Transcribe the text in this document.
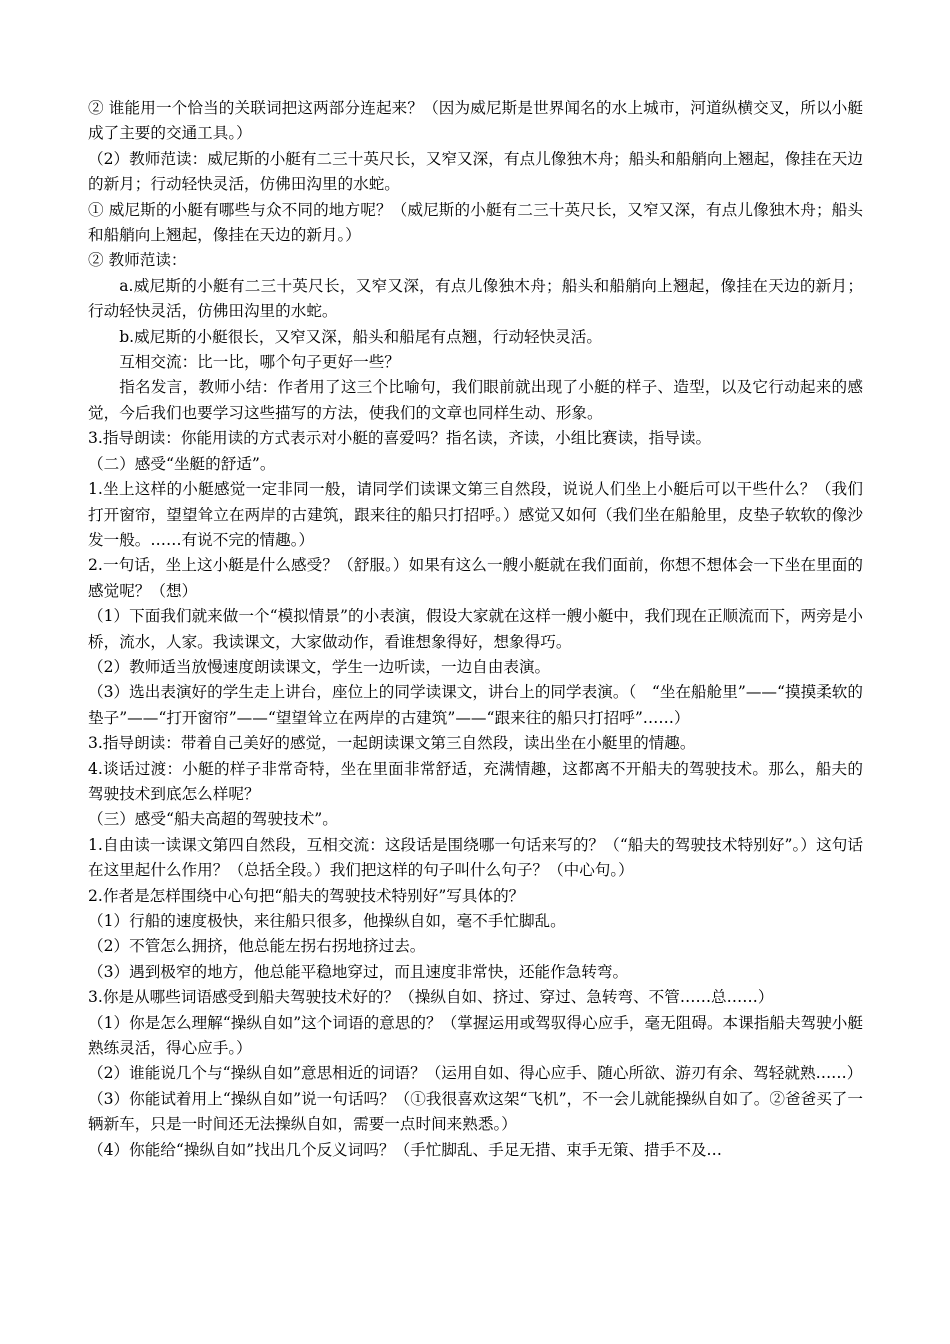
② 谁能用一个恰当的关联词把这两部分连起来？（因为威尼斯是世界闻名的水上城市，河道纵横交叉，所以小艇成了主要的交通工具。）

（2）教师范读：威尼斯的小艇有二三十英尺长，又窄又深，有点儿像独木舟；船头和船艄向上翘起，像挂在天边的新月；行动轻快灵活，仿佛田沟里的水蛇。

① 威尼斯的小艇有哪些与众不同的地方呢？（威尼斯的小艇有二三十英尺长，又窄又深，有点儿像独木舟；船头和船艄向上翘起，像挂在天边的新月。）

② 教师范读：

a.威尼斯的小艇有二三十英尺长，又窄又深，有点儿像独木舟；船头和船艄向上翘起，像挂在天边的新月；行动轻快灵活，仿佛田沟里的水蛇。

b.威尼斯的小艇很长，又窄又深，船头和船尾有点翘，行动轻快灵活。

互相交流：比一比，哪个句子更好一些？

指名发言，教师小结：作者用了这三个比喻句，我们眼前就出现了小艇的样子、造型，以及它行动起来的感觉，今后我们也要学习这些描写的方法，使我们的文章也同样生动、形象。

3.指导朗读：你能用读的方式表示对小艇的喜爱吗？指名读，齐读，小组比赛读，指导读。

（二）感受“坐艇的舒适”。

1.坐上这样的小艇感觉一定非同一般，请同学们读课文第三自然段，说说人们坐上小艇后可以干些什么？（我们打开窗帘，望望耸立在两岸的古建筑，跟来往的船只打招呼。）感觉又如何（我们坐在船舱里，皮垫子软软的像沙发一般。……有说不完的情趣。）

2.一句话，坐上这小艇是什么感受？（舒服。）如果有这么一艘小艇就在我们面前，你想不想体会一下坐在里面的感觉呢？（想）

（1）下面我们就来做一个“模拟情景”的小表演，假设大家就在这样一艘小艇中，我们现在正顺流而下，两旁是小桥，流水，人家。我读课文，大家做动作，看谁想象得好，想象得巧。

（2）教师适当放慢速度朗读课文，学生一边听读，一边自由表演。

（3）选出表演好的学生走上讲台，座位上的同学读课文，讲台上的同学表演。（　“坐在船舱里”——“摸摸柔软的垫子”——“打开窗帘”——“望望耸立在两岸的古建筑”——“跟来往的船只打招呼”……）

3.指导朗读：带着自己美好的感觉，一起朗读课文第三自然段，读出坐在小艇里的情趣。

4.谈话过渡：小艇的样子非常奇特，坐在里面非常舒适，充满情趣，这都离不开船夫的驾驶技术。那么，船夫的驾驶技术到底怎么样呢？

（三）感受“船夫高超的驾驶技术”。

1.自由读一读课文第四自然段，互相交流：这段话是围绕哪一句话来写的？（“船夫的驾驶技术特别好”。）这句话在这里起什么作用？（总括全段。）我们把这样的句子叫什么句子？（中心句。）

2.作者是怎样围绕中心句把“船夫的驾驶技术特别好”写具体的？

（1）行船的速度极快，来往船只很多，他操纵自如，毫不手忙脚乱。

（2）不管怎么拥挤，他总能左拐右拐地挤过去。

（3）遇到极窄的地方，他总能平稳地穿过，而且速度非常快，还能作急转弯。

3.你是从哪些词语感受到船夫驾驶技术好的？（操纵自如、挤过、穿过、急转弯、不管……总……）

（1）你是怎么理解“操纵自如”这个词语的意思的？（掌握运用或驾驭得心应手，毫无阻碍。本课指船夫驾驶小艇熟练灵活，得心应手。）

（2）谁能说几个与“操纵自如”意思相近的词语？（运用自如、得心应手、随心所欲、游刃有余、驾轻就熟……）

（3）你能试着用上“操纵自如”说一句话吗？（①我很喜欢这架“飞机”，不一会儿就能操纵自如了。②爸爸买了一辆新车，只是一时间还无法操纵自如，需要一点时间来熟悉。）

（4）你能给“操纵自如”找出几个反义词吗？（手忙脚乱、手足无措、束手无策、措手不及…
